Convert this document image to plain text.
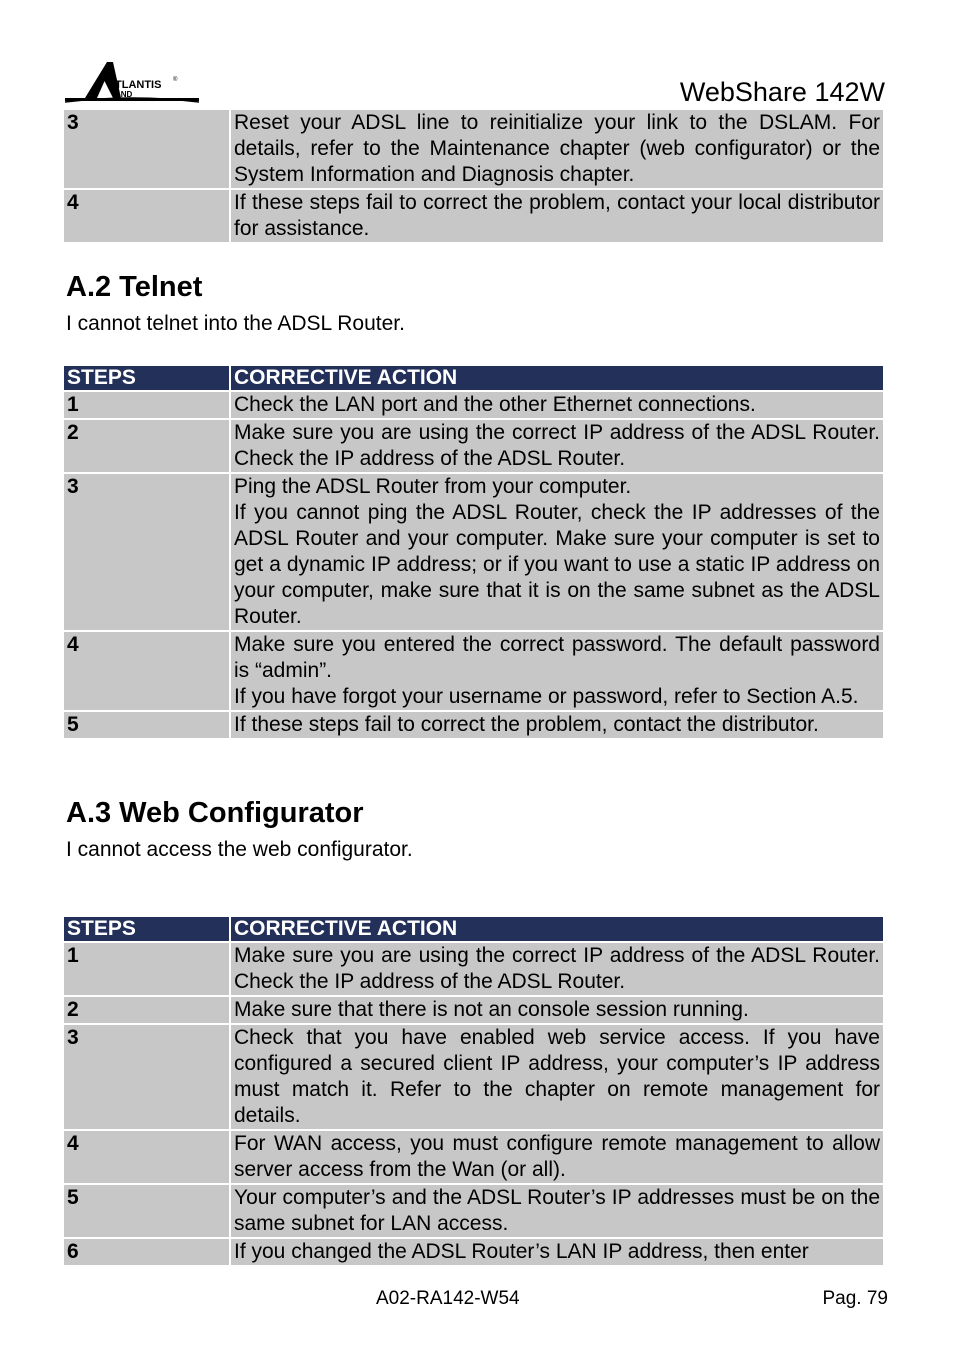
TLANTIS
AND
®	WebShare 142W
3	Reset your ADSL line to reinitialize your link to the DSLAM. For details, refer to the Maintenance chapter (web configurator) or the System Information and Diagnosis chapter.

4	If these steps fail to correct the problem, contact your local distributor for assistance.

A.2 Telnet

I cannot telnet into the ADSL Router.

STEPS	CORRECTIVE ACTION
1	Check the LAN port and the other Ethernet connections.

2	Make sure you are using the correct IP address of the ADSL Router. Check the IP address of the ADSL Router.

3	Ping the ADSL Router from your computer.

If you cannot ping the ADSL Router, check the IP addresses of the ADSL Router and your computer. Make sure your computer is set to get a dynamic IP address; or if you want to use a static IP address on your computer, make sure that it is on the same subnet as the ADSL Router.

4	Make sure you entered the correct password. The default password is “admin”.

If you have forgot your username or password, refer to Section A.5.

5	If these steps fail to correct the problem, contact the distributor.

A.3 Web Configurator

I cannot access the web configurator.

STEPS	CORRECTIVE ACTION
1	Make sure you are using the correct IP address of the ADSL Router. Check the IP address of the ADSL Router.

2	Make sure that there is not an console session running.

3	Check that you have enabled web service access. If you have configured a secured client IP address, your computer’s IP address must match it. Refer to the chapter on remote management for details.

4	For WAN access, you must configure remote management to allow server access from the Wan (or all).

5	Your computer’s and the ADSL Router’s IP addresses must be on the same subnet for LAN access.

6	If you changed the ADSL Router’s LAN IP address, then enter

A02-RA142-W54	Pag. 79
